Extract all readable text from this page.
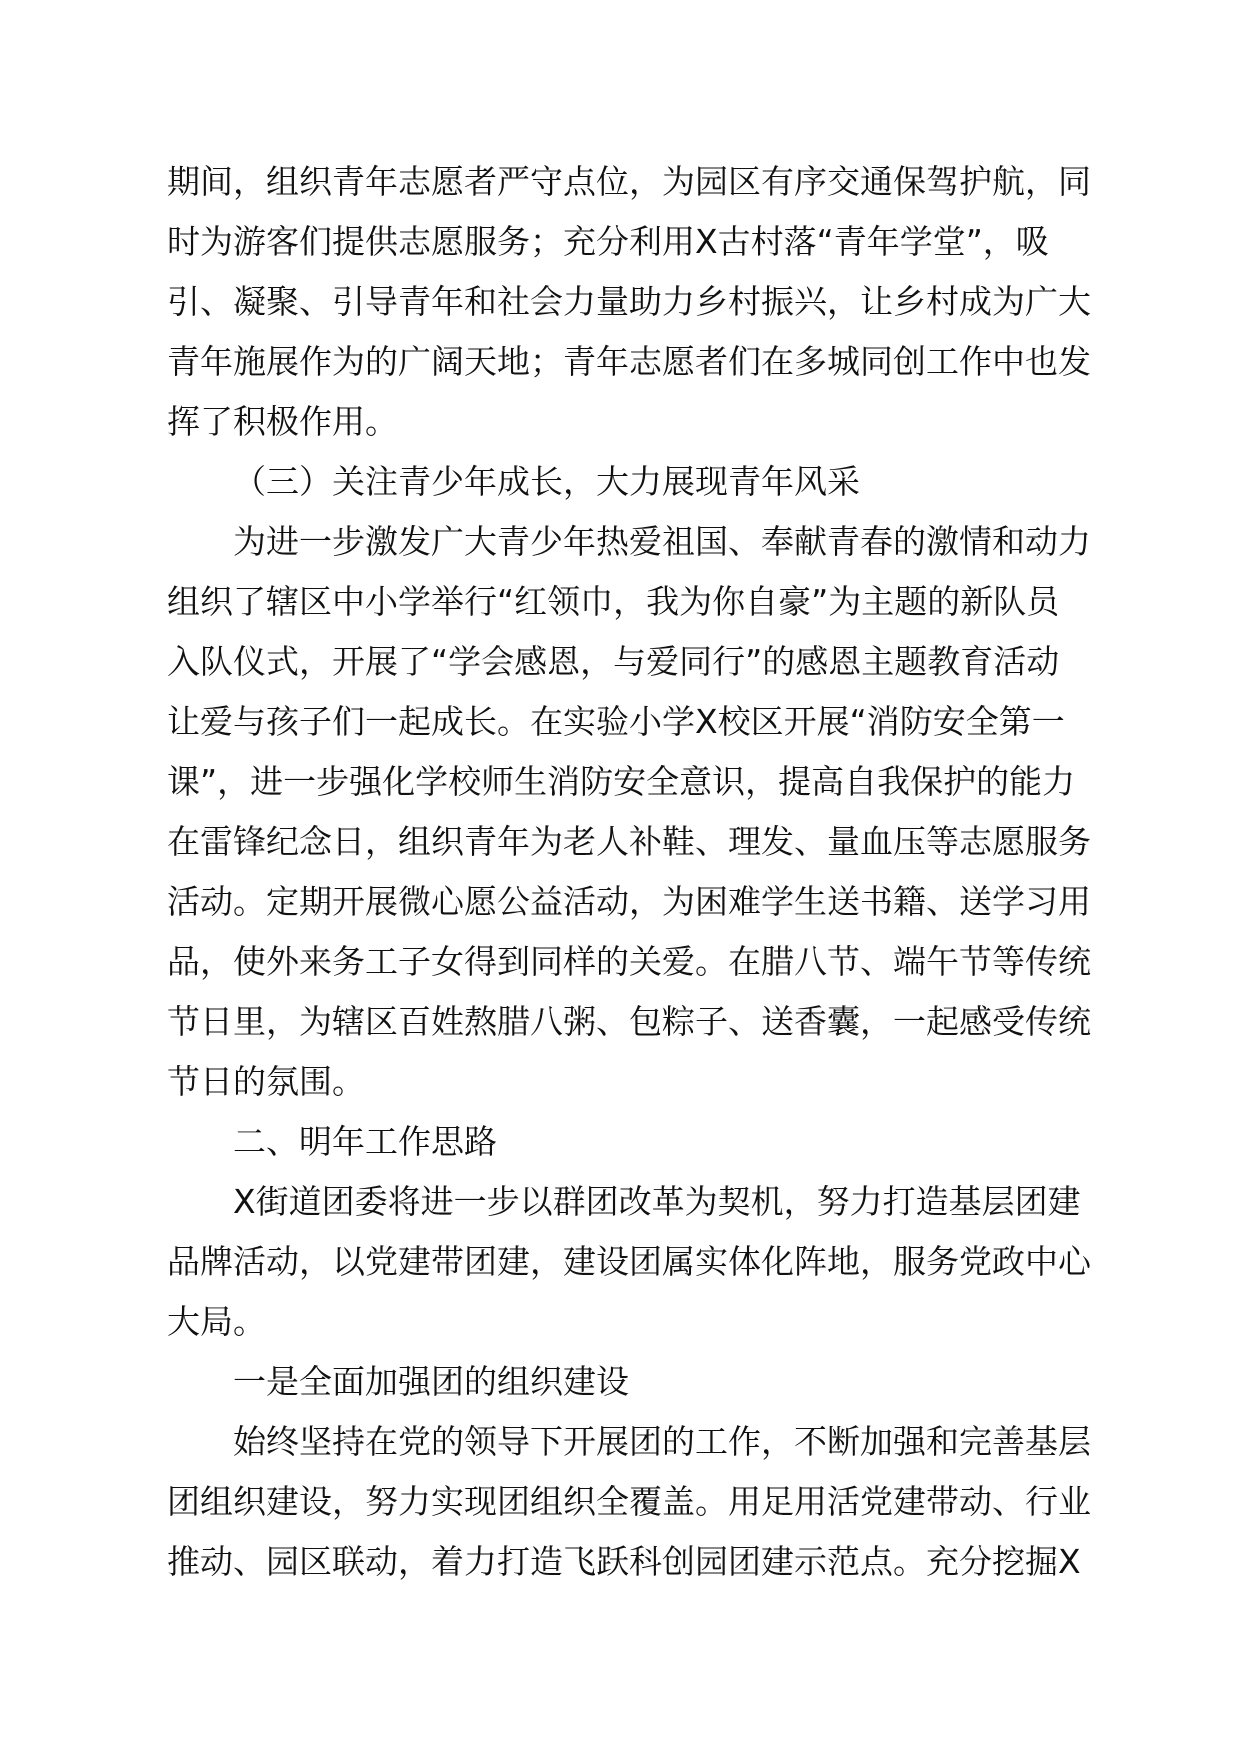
期间，组织青年志愿者严守点位，为园区有序交通保驾护航，同
时为游客们提供志愿服务；充分利用X古村落“青年学堂”，吸
引、凝聚、引导青年和社会力量助力乡村振兴，让乡村成为广大
青年施展作为的广阔天地；青年志愿者们在多城同创工作中也发
挥了积极作用。
（三）关注青少年成长，大力展现青年风采
为进一步激发广大青少年热爱祖国、奉献青春的激情和动力
组织了辖区中小学举行“红领巾，我为你自豪”为主题的新队员
入队仪式，开展了“学会感恩，与爱同行”的感恩主题教育活动
让爱与孩子们一起成长。在实验小学X校区开展“消防安全第一
课”，进一步强化学校师生消防安全意识，提高自我保护的能力
在雷锋纪念日，组织青年为老人补鞋、理发、量血压等志愿服务
活动。定期开展微心愿公益活动，为困难学生送书籍、送学习用
品，使外来务工子女得到同样的关爱。在腊八节、端午节等传统
节日里，为辖区百姓熬腊八粥、包粽子、送香囊，一起感受传统
节日的氛围。
二、明年工作思路
X街道团委将进一步以群团改革为契机，努力打造基层团建
品牌活动，以党建带团建，建设团属实体化阵地，服务党政中心
大局。
一是全面加强团的组织建设
始终坚持在党的领导下开展团的工作，不断加强和完善基层
团组织建设，努力实现团组织全覆盖。用足用活党建带动、行业
推动、园区联动，着力打造飞跃科创园团建示范点。充分挖掘X
